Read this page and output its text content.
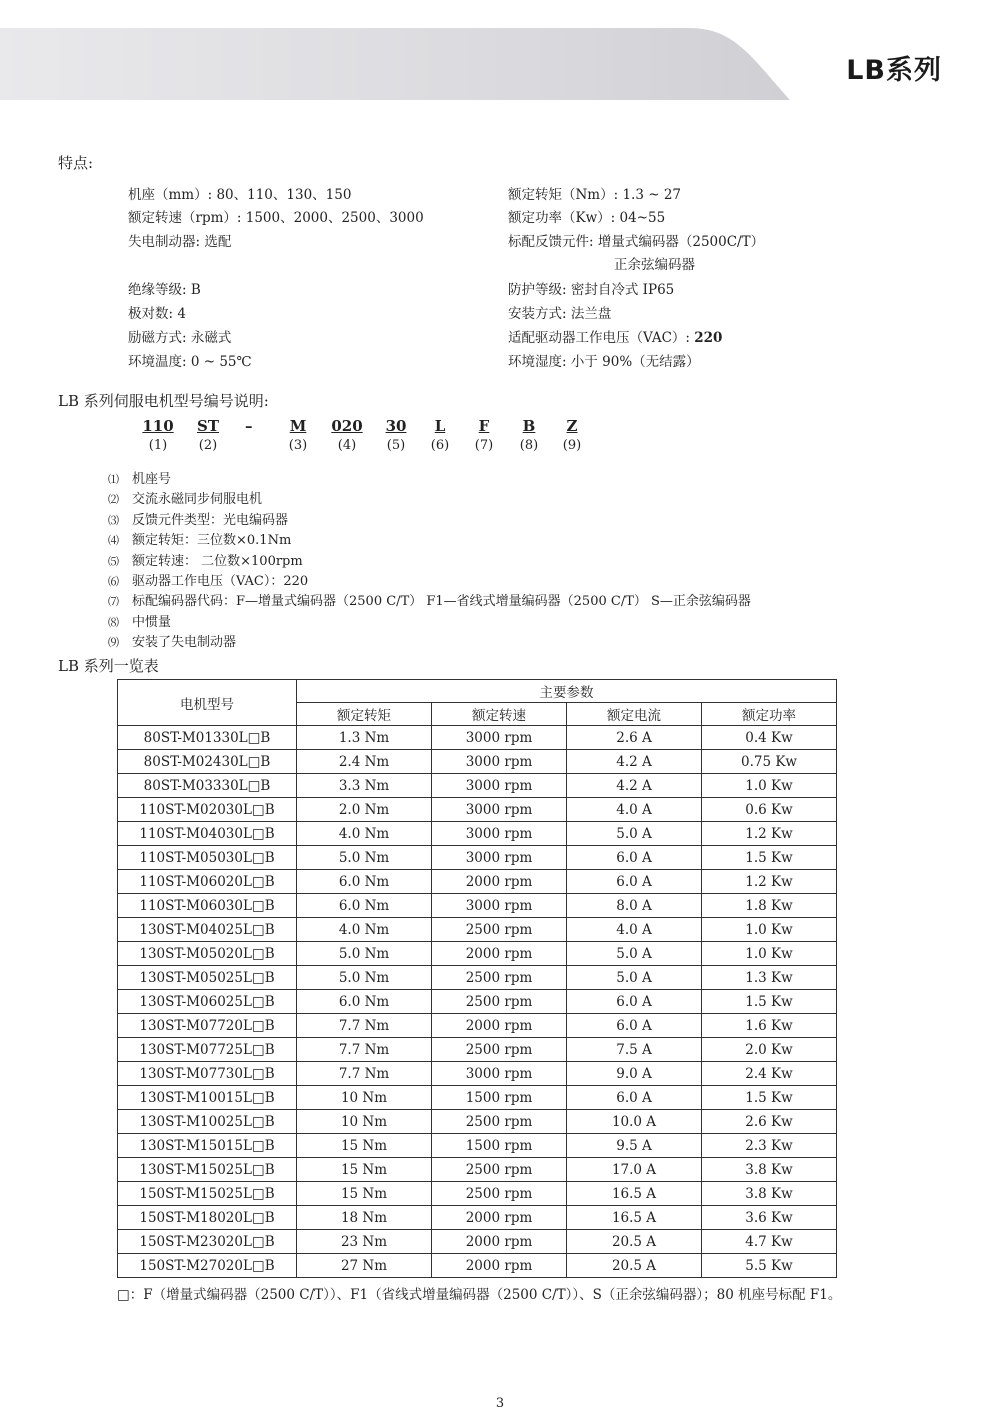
LB系列
特点:
机座（mm）: 80、110、130、150
额定转速（rpm）: 1500、2000、2500、3000
失电制动器: 选配
绝缘等级: B
极对数: 4
励磁方式: 永磁式
环境温度: 0 ~ 55℃
额定转矩（Nm）: 1.3 ~ 27
额定功率（Kw）: 04~55
标配反馈元件: 增量式编码器（2500C/T）
正余弦编码器
防护等级: 密封自冷式 IP65
安装方式: 法兰盘
适配驱动器工作电压（VAC）: 220
环境湿度: 小于 90%（无结露）
LB 系列伺服电机型号编号说明:
110
(1)
ST
(2)
M
(3)
020
(4)
30
(5)
L
(6)
F
(7)
B
(8)
Z
(9)
–
⑴ 机座号
⑵ 交流永磁同步伺服电机
⑶ 反馈元件类型：光电编码器
⑷ 额定转矩：三位数×0.1Nm
⑸ 额定转速： 二位数×100rpm
⑹ 驱动器工作电压（VAC）：220
⑺ 标配编码器代码：F—增量式编码器（2500 C/T） F1—省线式增量编码器（2500 C/T） S—正余弦编码器
⑻ 中惯量
⑼ 安装了失电制动器
LB 系列一览表
电机型号	主要参数			
	额定转矩	额定转速	额定电流	额定功率
80ST-M01330L□B	1.3 Nm	3000 rpm	2.6 A	0.4 Kw
80ST-M02430L□B	2.4 Nm	3000 rpm	4.2 A	0.75 Kw
80ST-M03330L□B	3.3 Nm	3000 rpm	4.2 A	1.0 Kw
110ST-M02030L□B	2.0 Nm	3000 rpm	4.0 A	0.6 Kw
110ST-M04030L□B	4.0 Nm	3000 rpm	5.0 A	1.2 Kw
110ST-M05030L□B	5.0 Nm	3000 rpm	6.0 A	1.5 Kw
110ST-M06020L□B	6.0 Nm	2000 rpm	6.0 A	1.2 Kw
110ST-M06030L□B	6.0 Nm	3000 rpm	8.0 A	1.8 Kw
130ST-M04025L□B	4.0 Nm	2500 rpm	4.0 A	1.0 Kw
130ST-M05020L□B	5.0 Nm	2000 rpm	5.0 A	1.0 Kw
130ST-M05025L□B	5.0 Nm	2500 rpm	5.0 A	1.3 Kw
130ST-M06025L□B	6.0 Nm	2500 rpm	6.0 A	1.5 Kw
130ST-M07720L□B	7.7 Nm	2000 rpm	6.0 A	1.6 Kw
130ST-M07725L□B	7.7 Nm	2500 rpm	7.5 A	2.0 Kw
130ST-M07730L□B	7.7 Nm	3000 rpm	9.0 A	2.4 Kw
130ST-M10015L□B	10 Nm	1500 rpm	6.0 A	1.5 Kw
130ST-M10025L□B	10 Nm	2500 rpm	10.0 A	2.6 Kw
130ST-M15015L□B	15 Nm	1500 rpm	9.5 A	2.3 Kw
130ST-M15025L□B	15 Nm	2500 rpm	17.0 A	3.8 Kw
150ST-M15025L□B	15 Nm	2500 rpm	16.5 A	3.8 Kw
150ST-M18020L□B	18 Nm	2000 rpm	16.5 A	3.6 Kw
150ST-M23020L□B	23 Nm	2000 rpm	20.5 A	4.7 Kw
150ST-M27020L□B	27 Nm	2000 rpm	20.5 A	5.5 Kw
□：F（增量式编码器（2500 C/T））、F1（省线式增量编码器（2500 C/T））、S（正余弦编码器）；80 机座号标配 F1。
3
